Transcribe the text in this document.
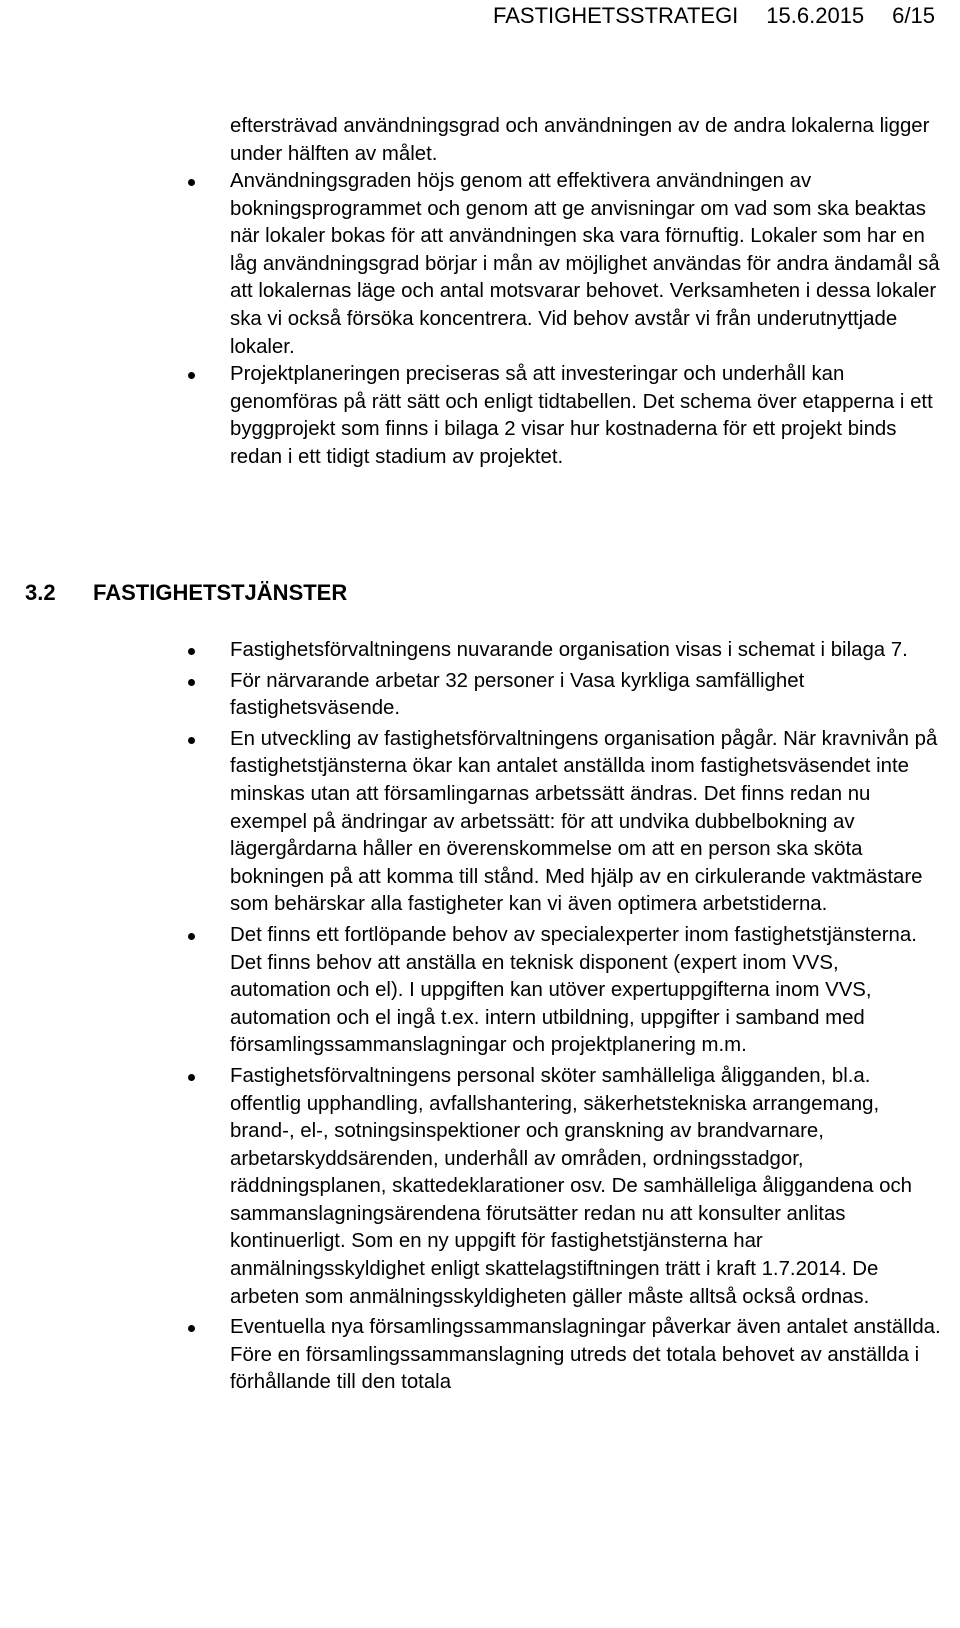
FASTIGHETSSTRATEGI 15.6.2015 6/15

eftersträvad användningsgrad och användningen av de andra lokalerna ligger under hälften av målet.

Användningsgraden höjs genom att effektivera användningen av bokningsprogrammet och genom att ge anvisningar om vad som ska beaktas när lokaler bokas för att användningen ska vara förnuftig. Lokaler som har en låg användningsgrad börjar i mån av möjlighet användas för andra ändamål så att lokalernas läge och antal motsvarar behovet. Verksamheten i dessa lokaler ska vi också försöka koncentrera. Vid behov avstår vi från underutnyttjade lokaler.
Projektplaneringen preciseras så att investeringar och underhåll kan genomföras på rätt sätt och enligt tidtabellen. Det schema över etapperna i ett byggprojekt som finns i bilaga 2 visar hur kostnaderna för ett projekt binds redan i ett tidigt stadium av projektet.
3.2 FASTIGHETSTJÄNSTER
Fastighetsförvaltningens nuvarande organisation visas i schemat i bilaga 7.
För närvarande arbetar 32 personer i Vasa kyrkliga samfällighet fastighetsväsende.
En utveckling av fastighetsförvaltningens organisation pågår. När kravnivån på fastighetstjänsterna ökar kan antalet anställda inom fastighetsväsendet inte minskas utan att församlingarnas arbetssätt ändras. Det finns redan nu exempel på ändringar av arbetssätt: för att undvika dubbelbokning av lägergårdarna håller en överenskommelse om att en person ska sköta bokningen på att komma till stånd. Med hjälp av en cirkulerande vaktmästare som behärskar alla fastigheter kan vi även optimera arbetstiderna.
Det finns ett fortlöpande behov av specialexperter inom fastighetstjänsterna. Det finns behov att anställa en teknisk disponent (expert inom VVS, automation och el). I uppgiften kan utöver expertuppgifterna inom VVS, automation och el ingå t.ex. intern utbildning, uppgifter i samband med församlingssammanslagningar och projektplanering m.m.
Fastighetsförvaltningens personal sköter samhälleliga åligganden, bl.a. offentlig upphandling, avfallshantering, säkerhetstekniska arrangemang, brand-, el-, sotningsinspektioner och granskning av brandvarnare, arbetarskyddsärenden, underhåll av områden, ordningsstadgor, räddningsplanen, skattedeklarationer osv. De samhälleliga åliggandena och sammanslagningsärendena förutsätter redan nu att konsulter anlitas kontinuerligt. Som en ny uppgift för fastighetstjänsterna har anmälningsskyldighet enligt skattelagstiftningen trätt i kraft 1.7.2014. De arbeten som anmälningsskyldigheten gäller måste alltså också ordnas.
Eventuella nya församlingssammanslagningar påverkar även antalet anställda. Före en församlingssammanslagning utreds det totala behovet av anställda i förhållande till den totala
